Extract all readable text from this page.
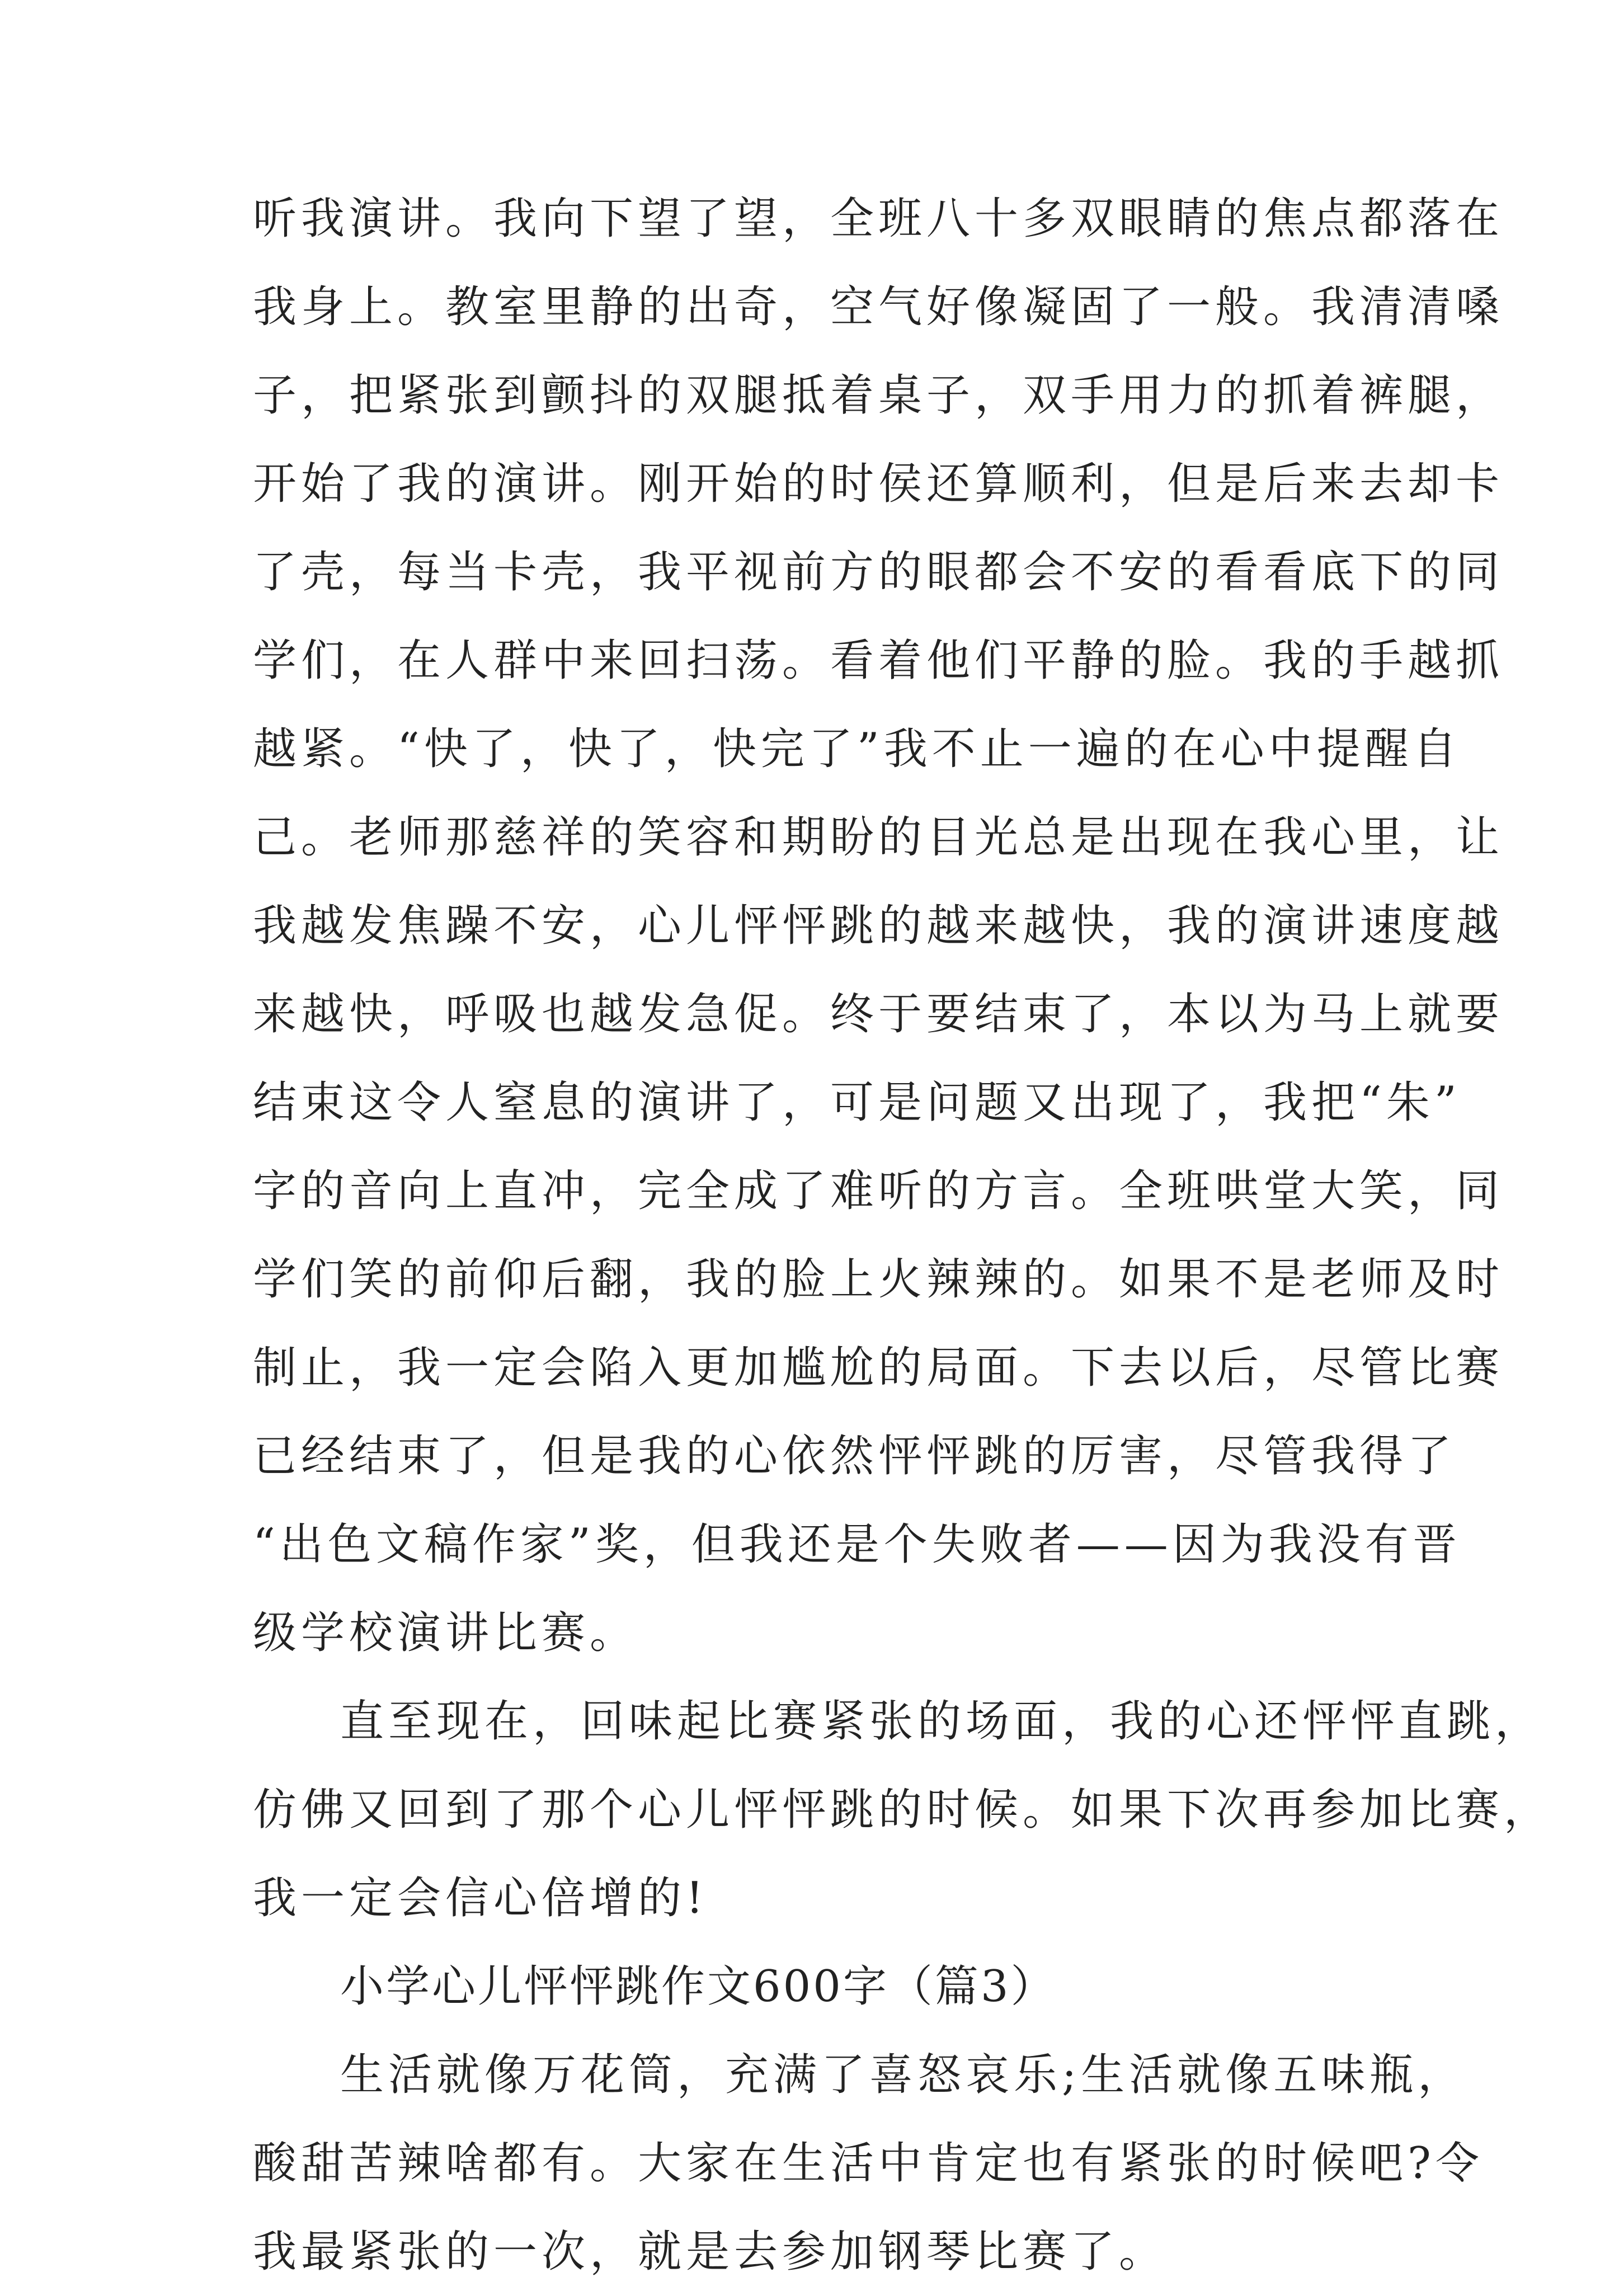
听我演讲。我向下望了望，全班八十多双眼睛的焦点都落在
我身上。教室里静的出奇，空气好像凝固了一般。我清清嗓
子，把紧张到颤抖的双腿抵着桌子，双手用力的抓着裤腿，
开始了我的演讲。刚开始的时侯还算顺利，但是后来去却卡
了壳，每当卡壳，我平视前方的眼都会不安的看看底下的同
学们，在人群中来回扫荡。看着他们平静的脸。我的手越抓
越紧。“快了，快了，快完了”我不止一遍的在心中提醒自
己。老师那慈祥的笑容和期盼的目光总是出现在我心里，让
我越发焦躁不安，心儿怦怦跳的越来越快，我的演讲速度越
来越快，呼吸也越发急促。终于要结束了，本以为马上就要
结束这令人窒息的演讲了，可是问题又出现了，我把“朱”
字的音向上直冲，完全成了难听的方言。全班哄堂大笑，同
学们笑的前仰后翻，我的脸上火辣辣的。如果不是老师及时
制止，我一定会陷入更加尴尬的局面。下去以后，尽管比赛
已经结束了，但是我的心依然怦怦跳的厉害，尽管我得了
“出色文稿作家”奖，但我还是个失败者——因为我没有晋
级学校演讲比赛。
直至现在，回味起比赛紧张的场面，我的心还怦怦直跳，
仿佛又回到了那个心儿怦怦跳的时候。如果下次再参加比赛，
我一定会信心倍增的!
小学心儿怦怦跳作文600字（篇3）
生活就像万花筒，充满了喜怒哀乐;生活就像五味瓶，
酸甜苦辣啥都有。大家在生活中肯定也有紧张的时候吧?令
我最紧张的一次，就是去参加钢琴比赛了。
